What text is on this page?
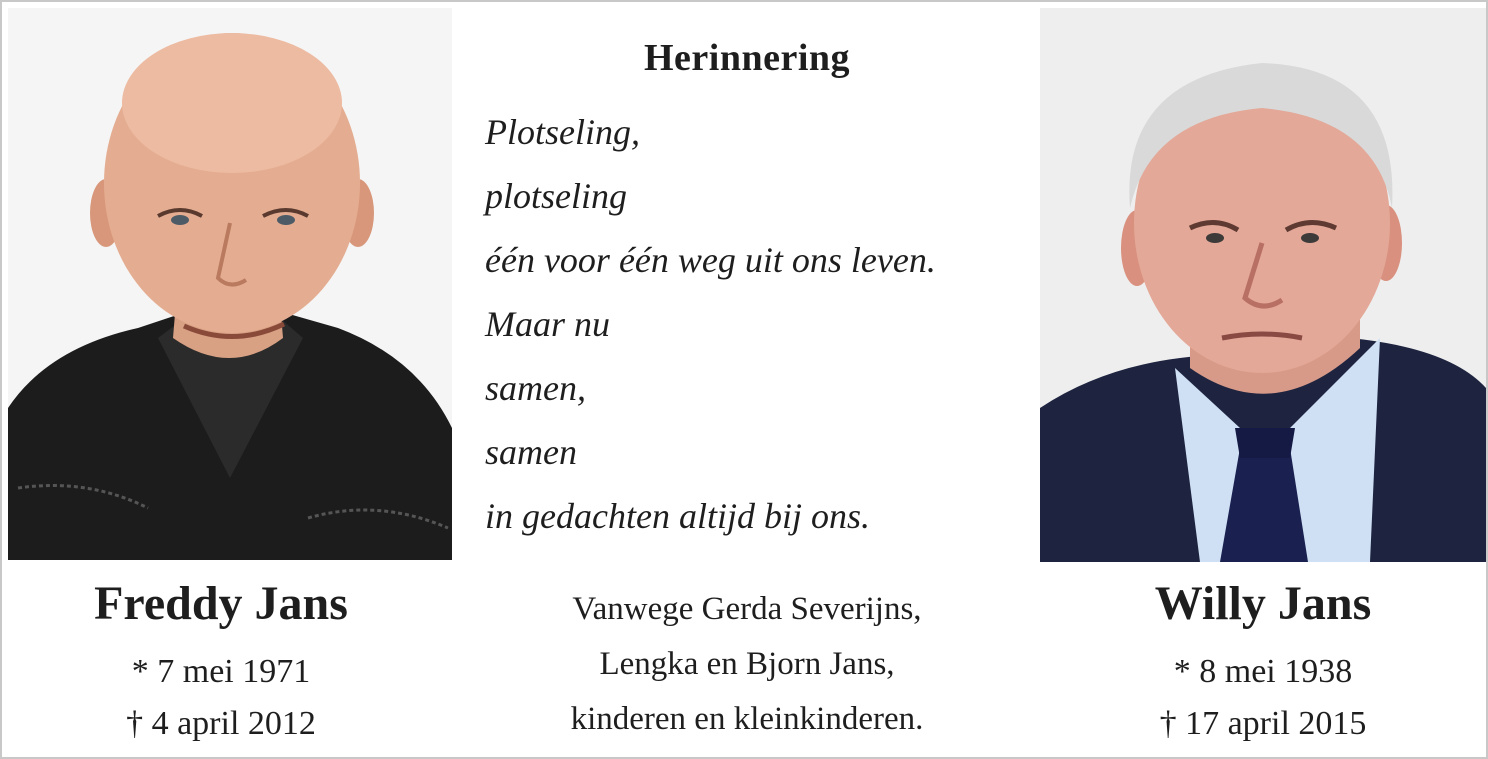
Herinnering
Plotseling,
plotseling
één voor één weg uit ons leven.
Maar nu
samen,
samen
in gedachten altijd bij ons.
Vanwege Gerda Severijns,
Lengka en Bjorn Jans,
kinderen en kleinkinderen.
Freddy Jans
* 7 mei 1971
† 4 april 2012
Willy Jans
* 8 mei 1938
† 17 april 2015
